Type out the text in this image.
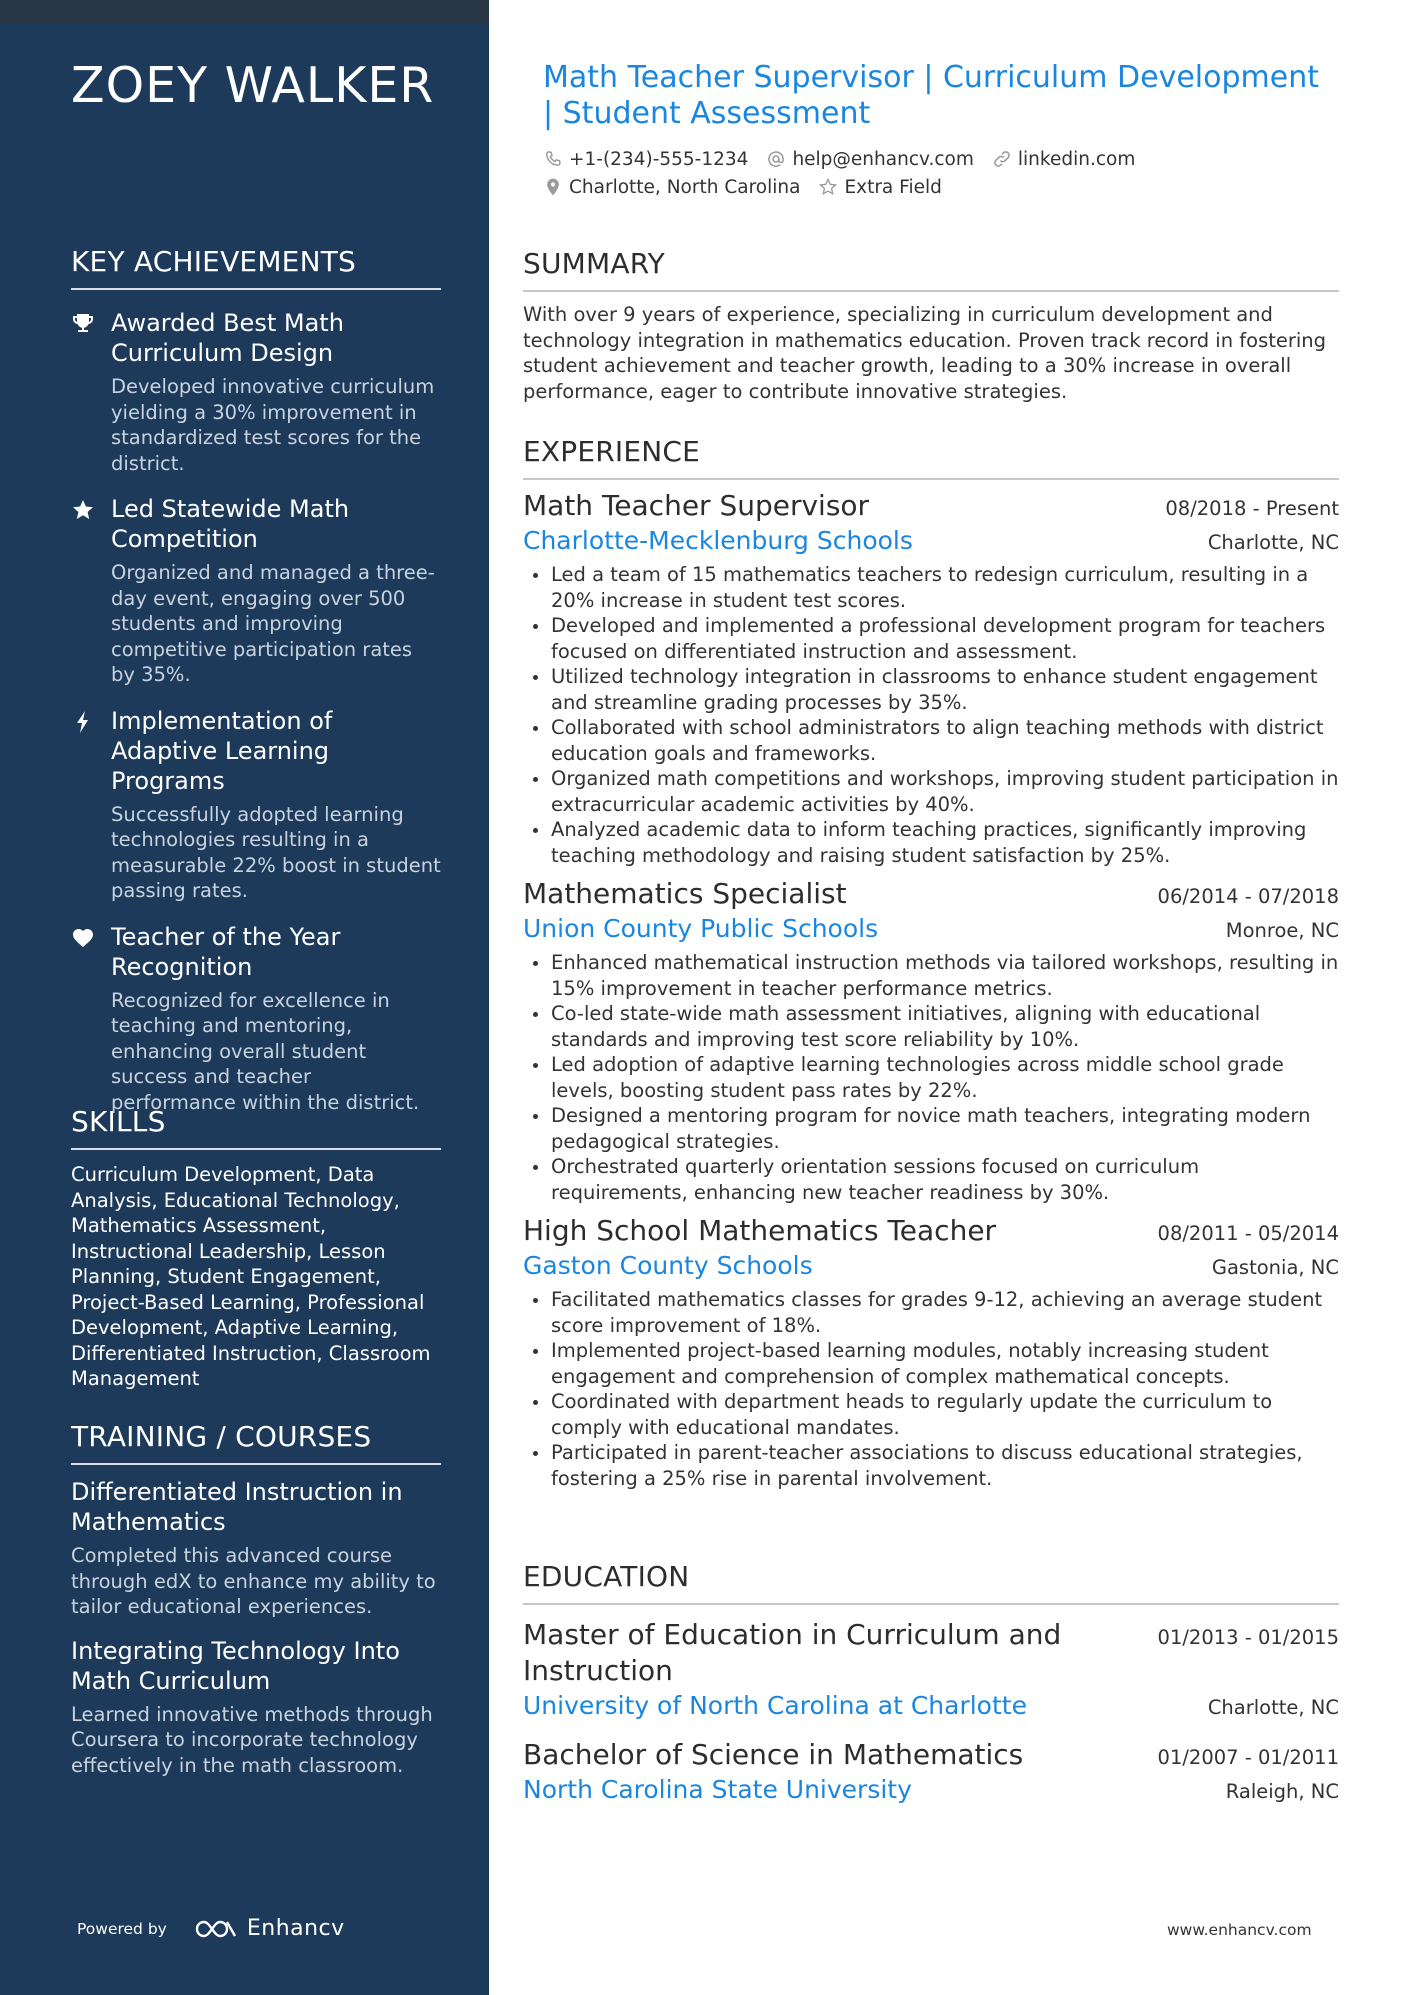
ZOEY WALKER
KEY ACHIEVEMENTS
Awarded Best Math Curriculum Design
Developed innovative curriculum yielding a 30% improvement in standardized test scores for the district.
Led Statewide Math Competition
Organized and managed a three-day event, engaging over 500 students and improving competitive participation rates by 35%.
Implementation of Adaptive Learning Programs
Successfully adopted learning technologies resulting in a measurable 22% boost in student passing rates.
Teacher of the Year Recognition
Recognized for excellence in teaching and mentoring, enhancing overall student success and teacher performance within the district.
SKILLS
Curriculum Development, Data Analysis, Educational Technology, Mathematics Assessment, Instructional Leadership, Lesson Planning, Student Engagement, Project-Based Learning, Professional Development, Adaptive Learning, Differentiated Instruction, Classroom Management
TRAINING / COURSES
Differentiated Instruction in Mathematics
Completed this advanced course through edX to enhance my ability to tailor educational experiences.
Integrating Technology Into Math Curriculum
Learned innovative methods through Coursera to incorporate technology effectively in the math classroom.
Powered by	Enhancv
Math Teacher Supervisor | Curriculum Development | Student Assessment
+1-(234)-555-1234 help@enhancv.com linkedin.com
Charlotte, North Carolina Extra Field
SUMMARY
With over 9 years of experience, specializing in curriculum development and technology integration in mathematics education. Proven track record in fostering student achievement and teacher growth, leading to a 30% increase in overall performance, eager to contribute innovative strategies.
EXPERIENCE
Math Teacher Supervisor	08/2018 - Present
Charlotte-Mecklenburg Schools	Charlotte, NC
Led a team of 15 mathematics teachers to redesign curriculum, resulting in a 20% increase in student test scores.
Developed and implemented a professional development program for teachers focused on differentiated instruction and assessment.
Utilized technology integration in classrooms to enhance student engagement and streamline grading processes by 35%.
Collaborated with school administrators to align teaching methods with district education goals and frameworks.
Organized math competitions and workshops, improving student participation in extracurricular academic activities by 40%.
Analyzed academic data to inform teaching practices, significantly improving teaching methodology and raising student satisfaction by 25%.
Mathematics Specialist	06/2014 - 07/2018
Union County Public Schools	Monroe, NC
Enhanced mathematical instruction methods via tailored workshops, resulting in 15% improvement in teacher performance metrics.
Co-led state-wide math assessment initiatives, aligning with educational standards and improving test score reliability by 10%.
Led adoption of adaptive learning technologies across middle school grade levels, boosting student pass rates by 22%.
Designed a mentoring program for novice math teachers, integrating modern pedagogical strategies.
Orchestrated quarterly orientation sessions focused on curriculum requirements, enhancing new teacher readiness by 30%.
High School Mathematics Teacher	08/2011 - 05/2014
Gaston County Schools	Gastonia, NC
Facilitated mathematics classes for grades 9-12, achieving an average student score improvement of 18%.
Implemented project-based learning modules, notably increasing student engagement and comprehension of complex mathematical concepts.
Coordinated with department heads to regularly update the curriculum to comply with educational mandates.
Participated in parent-teacher associations to discuss educational strategies, fostering a 25% rise in parental involvement.
EDUCATION
Master of Education in Curriculum and Instruction
01/2013 - 01/2015
University of North Carolina at Charlotte	Charlotte, NC
Bachelor of Science in Mathematics	01/2007 - 01/2011
North Carolina State University	Raleigh, NC
www.enhancv.com
